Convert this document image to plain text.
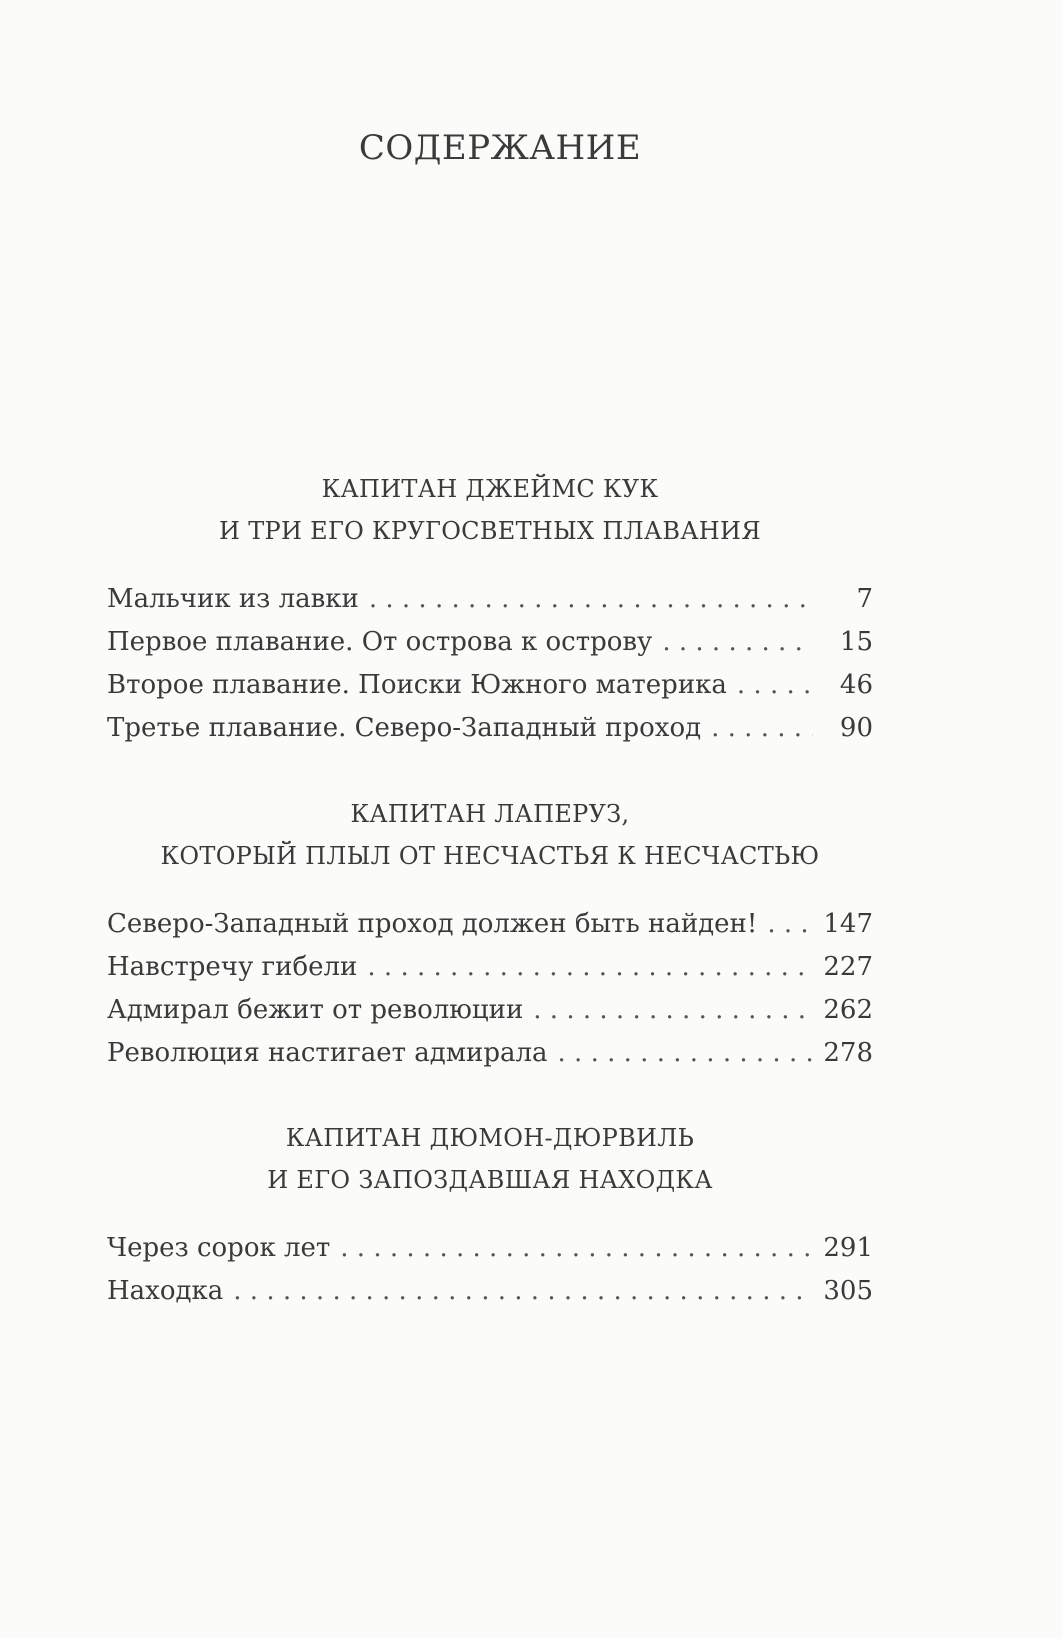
СОДЕРЖАНИЕ
КАПИТАН ДЖЕЙМС КУК
И ТРИ ЕГО КРУГОСВЕТНЫХ ПЛАВАНИЯ
Мальчик из лавки . . .	7
Первое плавание. От острова к острову . . .	15
Второе плавание. Поиски Южного материка . . .	46
Третье плавание. Северо-Западный проход . . .	90
КАПИТАН ЛАПЕРУЗ,
КОТОРЫЙ ПЛЫЛ ОТ НЕСЧАСТЬЯ К НЕСЧАСТЬЮ
Северо-Западный проход должен быть найден! . . .	147
Навстречу гибели . . .	227
Адмирал бежит от революции . . .	262
Революция настигает адмирала . . .	278
КАПИТАН ДЮМОН-ДЮРВИЛЬ
И ЕГО ЗАПОЗДАВШАЯ НАХОДКА
Через сорок лет . . .	291
Находка . . .	305
